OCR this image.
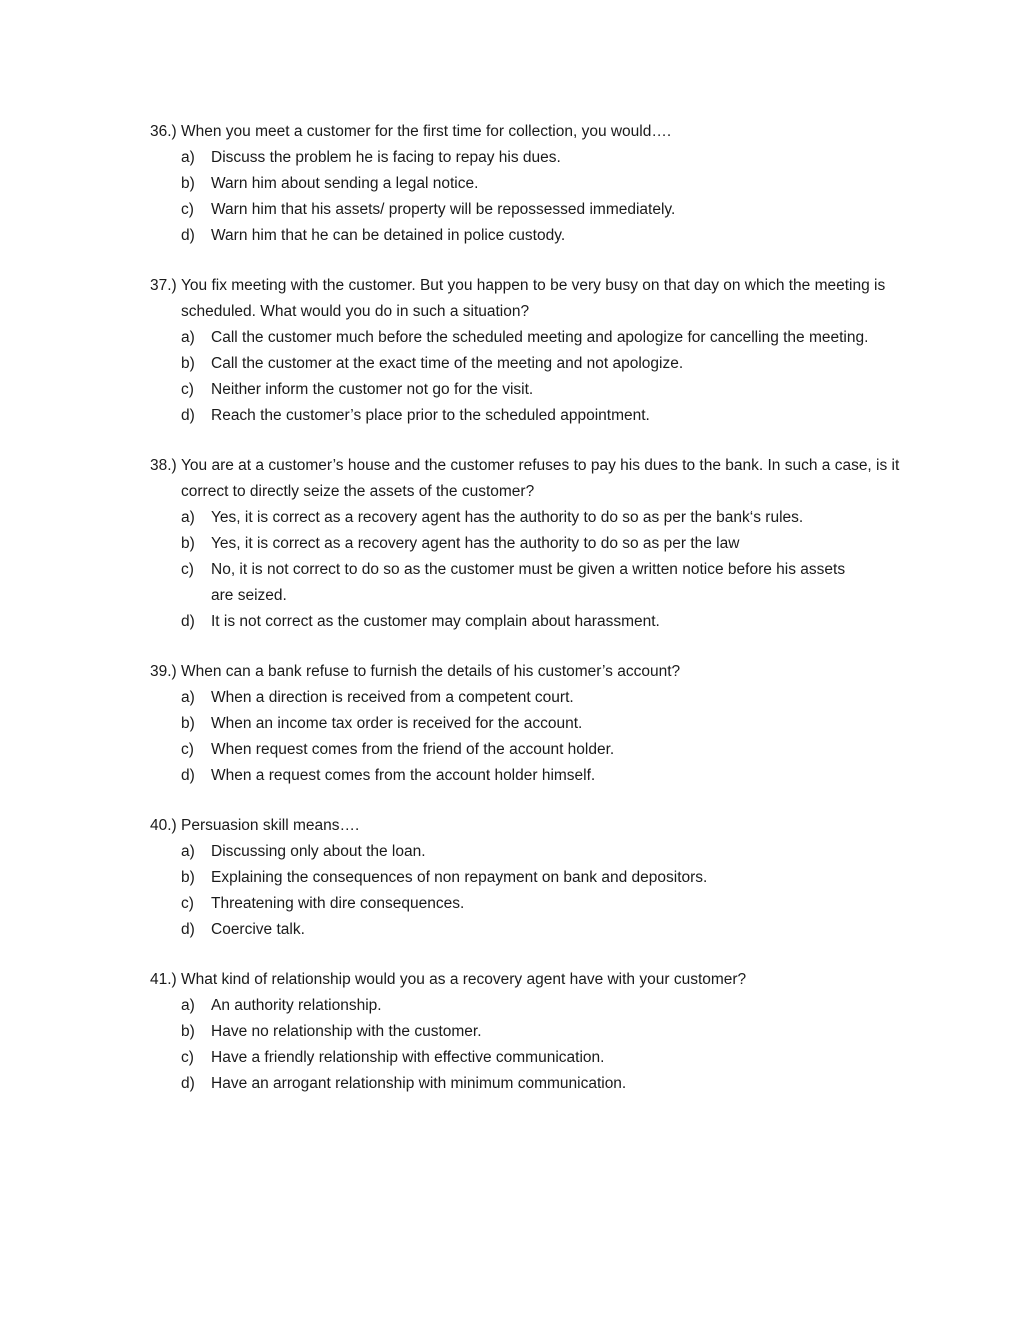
36.) When you meet a customer for the first time for collection, you would….
a) Discuss the problem he is facing to repay his dues.
b) Warn him about sending a legal notice.
c) Warn him that his assets/ property will be repossessed immediately.
d) Warn him that he can be detained in police custody.
37.) You fix meeting with the customer. But you happen to be very busy on that day on which the meeting is scheduled. What would you do in such a situation?
a) Call the customer much before the scheduled meeting and apologize for cancelling the meeting.
b) Call the customer at the exact time of the meeting and not apologize.
c) Neither inform the customer not go for the visit.
d) Reach the customer’s place prior to the scheduled appointment.
38.) You are at a customer’s house and the customer refuses to pay his dues to the bank. In such a case, is it correct to directly seize the assets of the customer?
a) Yes, it is correct as a recovery agent has the authority to do so as per the bank‘s rules.
b) Yes, it is correct as a recovery agent has the authority to do so as per the law
c) No, it is not correct to do so as the customer must be given a written notice before his assets are seized.
d) It is not correct as the customer may complain about harassment.
39.) When can a bank refuse to furnish the details of his customer’s account?
a) When a direction is received from a competent court.
b) When an income tax order is received for the account.
c) When request comes from the friend of the account holder.
d) When a request comes from the account holder himself.
40.) Persuasion skill means….
a) Discussing only about the loan.
b) Explaining the consequences of non repayment on bank and depositors.
c) Threatening with dire consequences.
d) Coercive talk.
41.) What kind of relationship would you as a recovery agent have with your customer?
a) An authority relationship.
b) Have no relationship with the customer.
c) Have a friendly relationship with effective communication.
d) Have an arrogant relationship with minimum communication.
